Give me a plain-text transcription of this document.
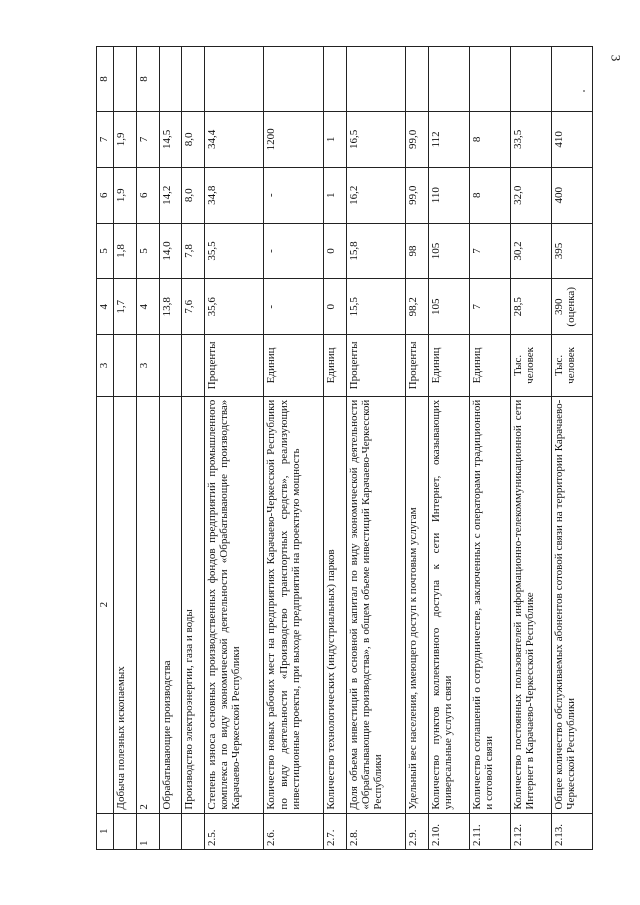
3
1	2	3	4	5	6	7	8
	Добыча полезных ископаемых		1,7	1,8	1,9	1,9	
1	2	3	4	5	6	7	8
	Обрабатывающие производства		13,8	14,0	14,2	14,5	
	Производство электроэнергии, газа и воды		7,6	7,8	8,0	8,0	
2.5.	Степень износа основных производственных фондов предприятий промышленного комплекса по виду экономической деятельности «Обрабатывающие производства» Карачаево-Черкесской Республики	Проценты	35,6	35,5	34,8	34,4	
2.6.	Количество новых рабочих мест на предприятиях Карачаево-Черкесской Республики по виду деятельности «Производство транспортных средств», реализующих инвестиционные проекты, при выходе предприятий на проектную мощность	Единиц	-	-	-	1200	
2.7.	Количество технологических (индустриальных) парков	Единиц	0	0	1	1	
2.8.	Доля объема инвестиций в основной капитал по виду экономической деятельности «Обрабатывающие производства», в общем объеме инвестиций Карачаево-Черкесской Республики	Проценты	15,5	15,8	16,2	16,5	
2.9.	Удельный вес населения, имеющего доступ к почтовым услугам	Проценты	98,2	98	99,0	99,0	
2.10.	Количество пунктов коллективного доступа к сети Интернет, оказывающих универсальные услуги связи	Единиц	105	105	110	112	
2.11.	Количество соглашений о сотрудничестве, заключенных с операторами традиционной и сотовой связи	Единиц	7	7	8	8	
2.12.	Количество постоянных пользователей информационно-телекоммуникационной сети Интернет в Карачаево-Черкесской Республике	Тыс. человек	28,5	30,2	32,0	33,5	
2.13.	Общее количество обслуживаемых абонентов сотовой связи на территории Карачаево-Черкесской Республики	Тыс. человек	390 (оценка)	395	400	410	
